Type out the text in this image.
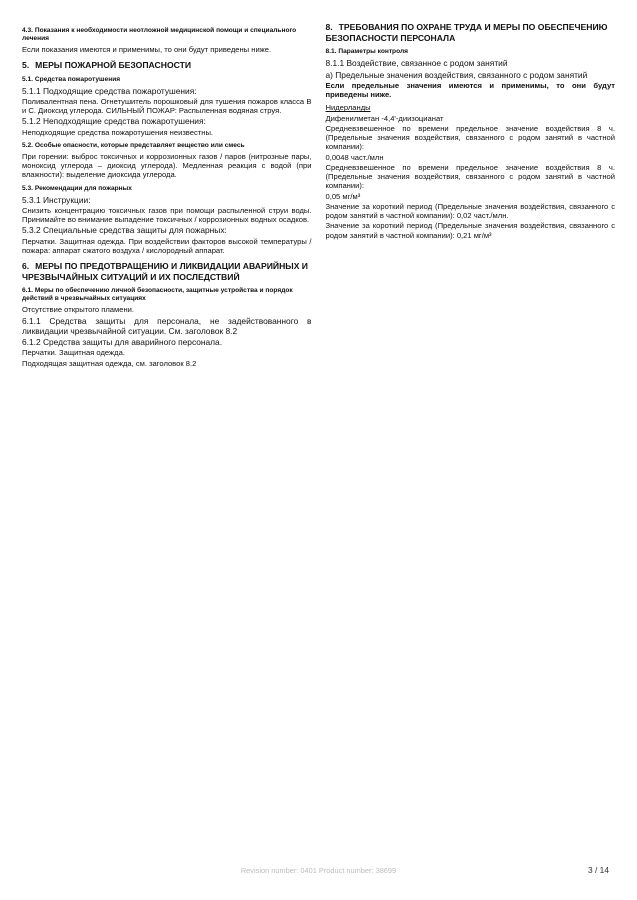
4.3. Показания к необходимости неотложной медицинской помощи и специального лечения
Если показания имеются и применимы, то они будут приведены ниже.
5. МЕРЫ ПОЖАРНОЙ БЕЗОПАСНОСТИ
5.1. Средства пожаротушения
5.1.1 Подходящие средства пожаротушения:
Поливалентная пена. Огнетушитель порошковый для тушения пожаров класса B и C. Диоксид углерода. СИЛЬНЫЙ ПОЖАР: Распыленная водяная струя.
5.1.2 Неподходящие средства пожаротушения:
Неподходящие средства пожаротушения неизвестны.
5.2. Особые опасности, которые представляет вещество или смесь
При горении: выброс токсичных и коррозионных газов / паров (нитрозные пары, моноксид углерода – диоксид углерода). Медленная реакция с водой (при влажности): выделение диоксида углерода.
5.3. Рекомендации для пожарных
5.3.1 Инструкции:
Снизить концентрацию токсичных газов при помощи распыленной струи воды. Принимайте во внимание выпадение токсичных / коррозионных водных осадков.
5.3.2 Специальные средства защиты для пожарных:
Перчатки. Защитная одежда. При воздействии факторов высокой температуры / пожара: аппарат сжатого воздуха / кислородный аппарат.
6. МЕРЫ ПО ПРЕДОТВРАЩЕНИЮ И ЛИКВИДАЦИИ АВАРИЙНЫХ И ЧРЕЗВЫЧАЙНЫХ СИТУАЦИЙ И ИХ ПОСЛЕДСТВИЙ
6.1. Меры по обеспечению личной безопасности, защитные устройства и порядок действий в чрезвычайных ситуациях
Отсутствие открытого пламени.
6.1.1 Средства защиты для персонала, не задействованного в ликвидации чрезвычайной ситуации. См. заголовок 8.2
6.1.2 Средства защиты для аварийного персонала.
Перчатки. Защитная одежда.
Подходящая защитная одежда, см. заголовок 8.2
8. ТРЕБОВАНИЯ ПО ОХРАНЕ ТРУДА И МЕРЫ ПО ОБЕСПЕЧЕНИЮ БЕЗОПАСНОСТИ ПЕРСОНАЛА
8.1. Параметры контроля
8.1.1 Воздействие, связанное с родом занятий
а) Предельные значения воздействия, связанного с родом занятий
Если предельные значения имеются и применимы, то они будут приведены ниже.
Нидерланды
Дифенилметан -4,4'-диизоцианат
Средневзвешенное по времени предельное значение воздействия 8 ч. (Предельные значения воздействия, связанного с родом занятий в частной компании):
0,0048 част./млн
Средневзвешенное по времени предельное значение воздействия 8 ч. (Предельные значения воздействия, связанного с родом занятий в частной компании):
0,05 мг/м³
Значение за короткий период (Предельные значения воздействия, связанного с родом занятий в частной компании): 0,02 част./млн.
Значение за короткий период (Предельные значения воздействия, связанного с родом занятий в частной компании): 0,21 мг/м³
Revision number: 0401 Product number: 38699	3 / 14
